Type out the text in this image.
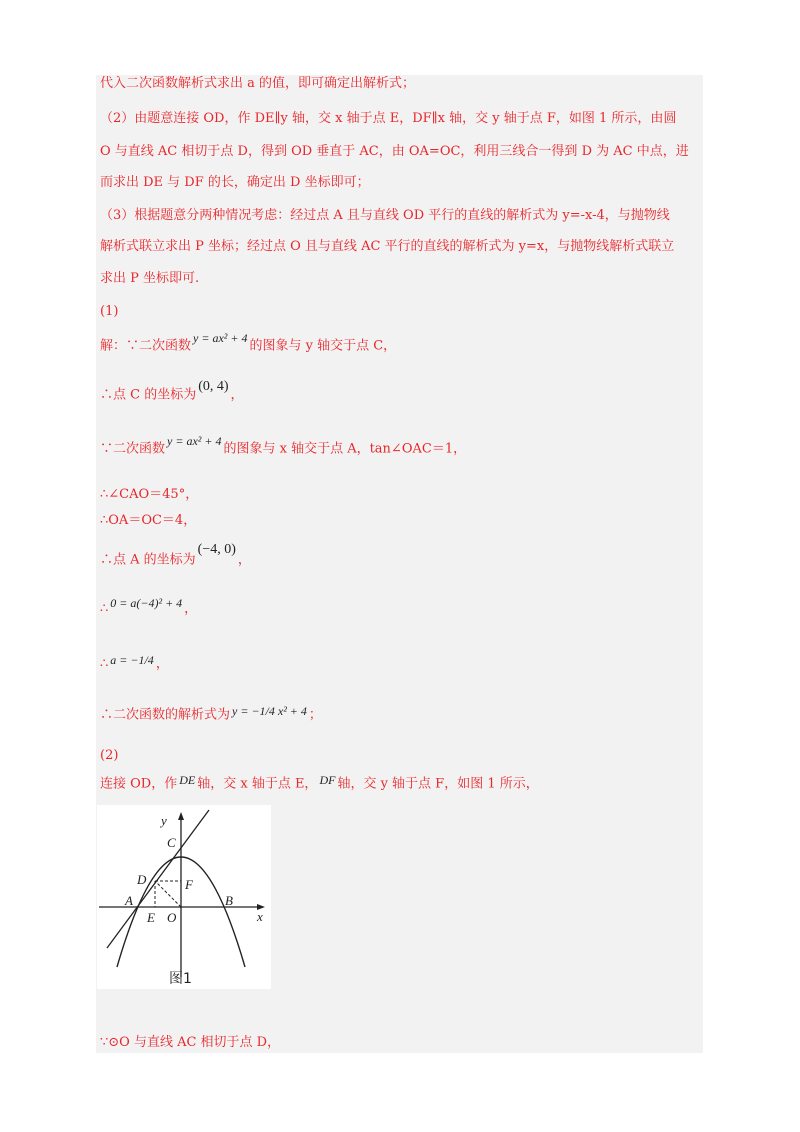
代入二次函数解析式求出 a 的值，即可确定出解析式；
（2）由题意连接 OD，作 DE∥y 轴，交 x 轴于点 E，DF∥x 轴，交 y 轴于点 F，如图 1 所示，由圆
O 与直线 AC 相切于点 D，得到 OD 垂直于 AC，由 OA=OC，利用三线合一得到 D 为 AC 中点，进
而求出 DE 与 DF 的长，确定出 D 坐标即可；
（3）根据题意分两种情况考虑：经过点 A 且与直线 OD 平行的直线的解析式为 y=-x-4，与抛物线
解析式联立求出 P 坐标；经过点 O 且与直线 AC 平行的直线的解析式为 y=x，与抛物线解析式联立
求出 P 坐标即可.
(1)
解：∵二次函数y = ax² + 4的图象与 y 轴交于点 C，
∴点 C 的坐标为(0, 4)，
∵二次函数y = ax² + 4的图象与 x 轴交于点 A，tan∠OAC＝1，
∴∠CAO＝45°，
∴OA＝OC＝4，
∴点 A 的坐标为(−4, 0)，
∴ 0 = a(−4)² + 4 ，
∴ a = −1/4 ，
∴二次函数的解析式为 y = −1/4 x² + 4 ；
(2)
连接 OD，作 DE 轴，交 x 轴于点 E， DF 轴，交 y 轴于点 F，如图 1 所示，
y
x
C
D	F
A
E O
B
图1
∵⊙O 与直线 AC 相切于点 D，
